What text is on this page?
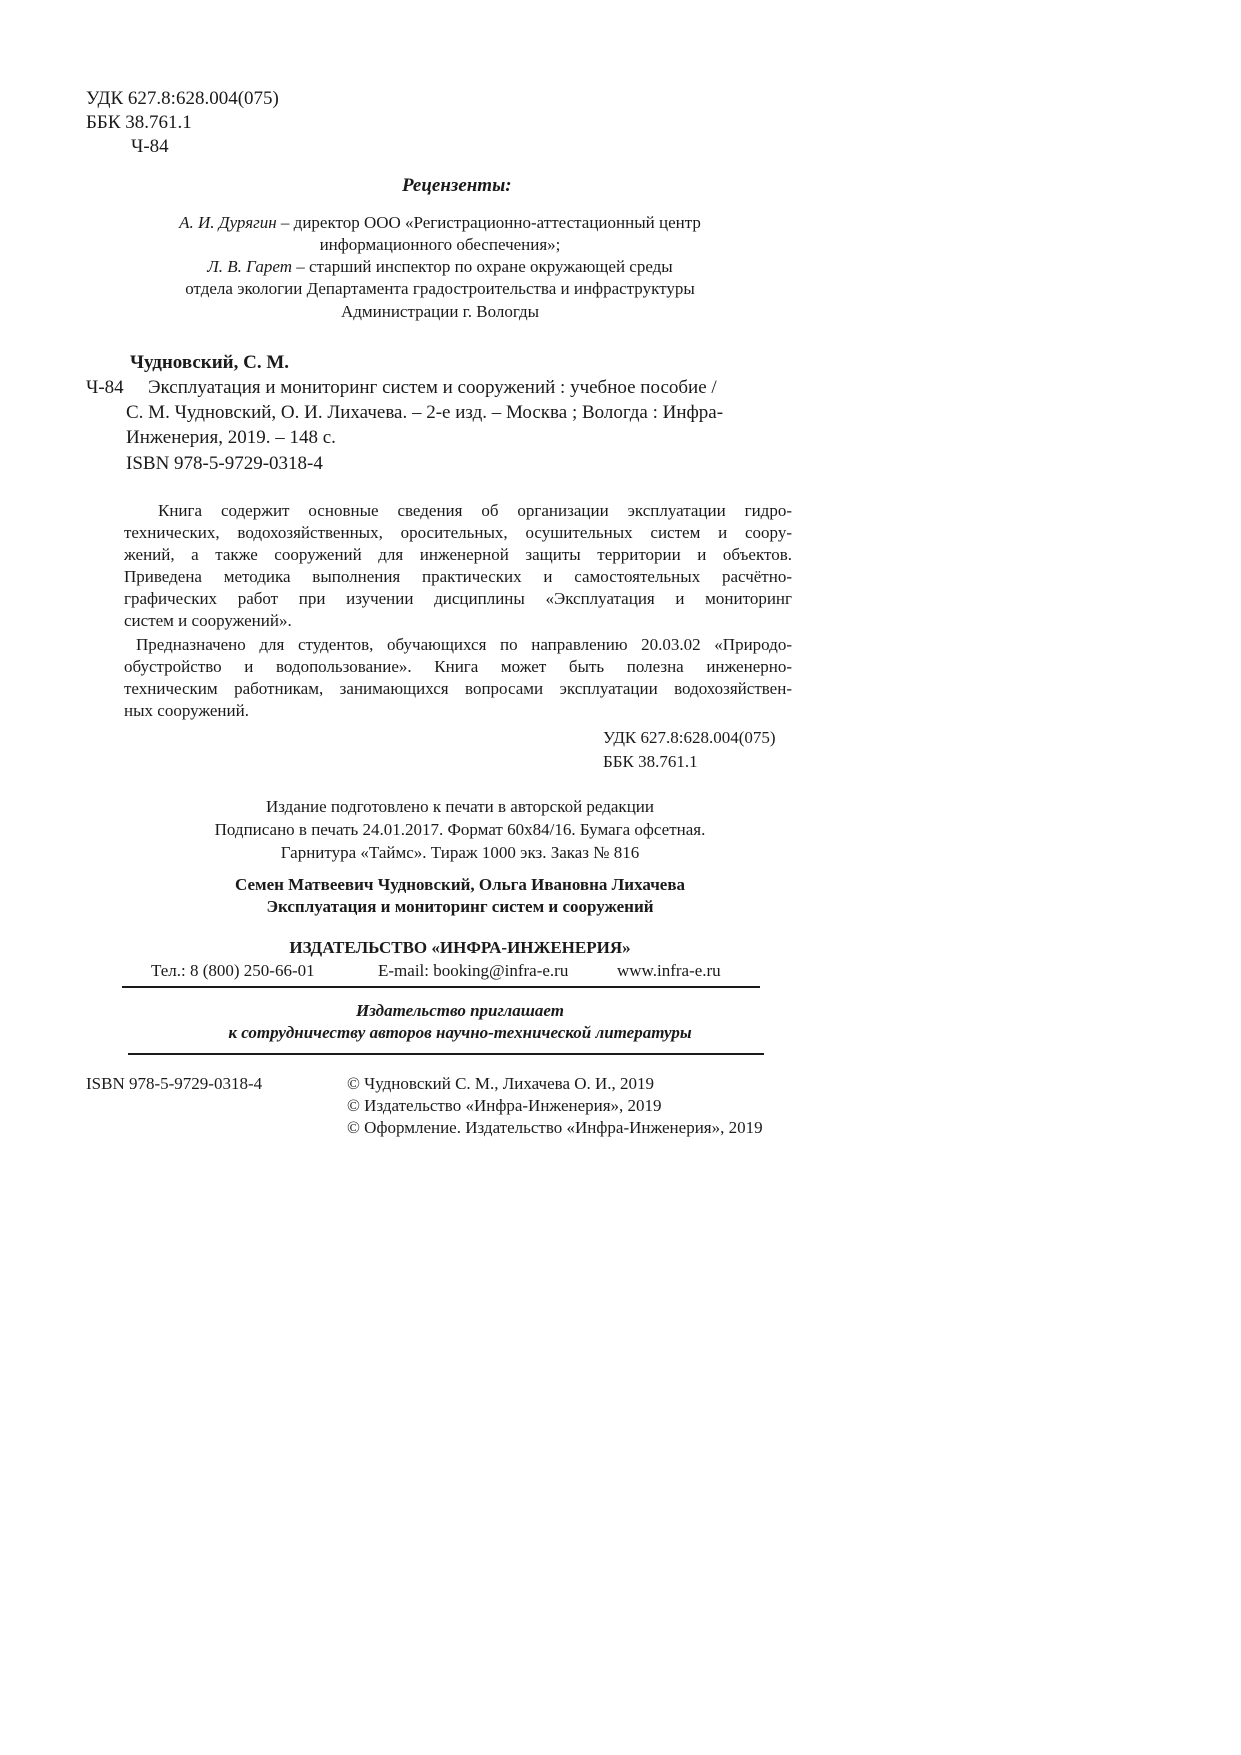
УДК 627.8:628.004(075)
ББК 38.761.1
Ч-84
Рецензенты:
А. И. Дурягин – директор ООО «Регистрационно-аттестационный центр
информационного обеспечения»;
Л. В. Гарет – старший инспектор по охране окружающей среды
отдела экологии Департамента градостроительства и инфраструктуры
Администрации г. Вологды
Чудновский, С. М.
Ч-84 Эксплуатация и мониторинг систем и сооружений : учебное пособие /
С. М. Чудновский, О. И. Лихачева. – 2-е изд. – Москва ; Вологда : Инфра-
Инженерия, 2019. – 148 с.
ISBN 978-5-9729-0318-4
Книга содержит основные сведения об организации эксплуатации гидро-
технических, водохозяйственных, оросительных, осушительных систем и соору-
жений, а также сооружений для инженерной защиты территории и объектов.
Приведена методика выполнения практических и самостоятельных расчётно-
графических работ при изучении дисциплины «Эксплуатация и мониторинг
систем и сооружений».
Предназначено для студентов, обучающихся по направлению 20.03.02 «Природо-
обустройство и водопользование». Книга может быть полезна инженерно-
техническим работникам, занимающихся вопросами эксплуатации водохозяйствен-
ных сооружений.
УДК 627.8:628.004(075)
ББК 38.761.1
Издание подготовлено к печати в авторской редакции
Подписано в печать 24.01.2017. Формат 60х84/16. Бумага офсетная.
Гарнитура «Таймс». Тираж 1000 экз. Заказ № 816
Семен Матвеевич Чудновский, Ольга Ивановна Лихачева
Эксплуатация и мониторинг систем и сооружений
ИЗДАТЕЛЬСТВО «ИНФРА-ИНЖЕНЕРИЯ»
Тел.: 8 (800) 250-66-01	E-mail: booking@infra-e.ru	www.infra-e.ru
Издательство приглашает
к сотрудничеству авторов научно-технической литературы
ISBN 978-5-9729-0318-4	© Чудновский С. М., Лихачева О. И., 2019
© Издательство «Инфра-Инженерия», 2019
© Оформление. Издательство «Инфра-Инженерия», 2019
